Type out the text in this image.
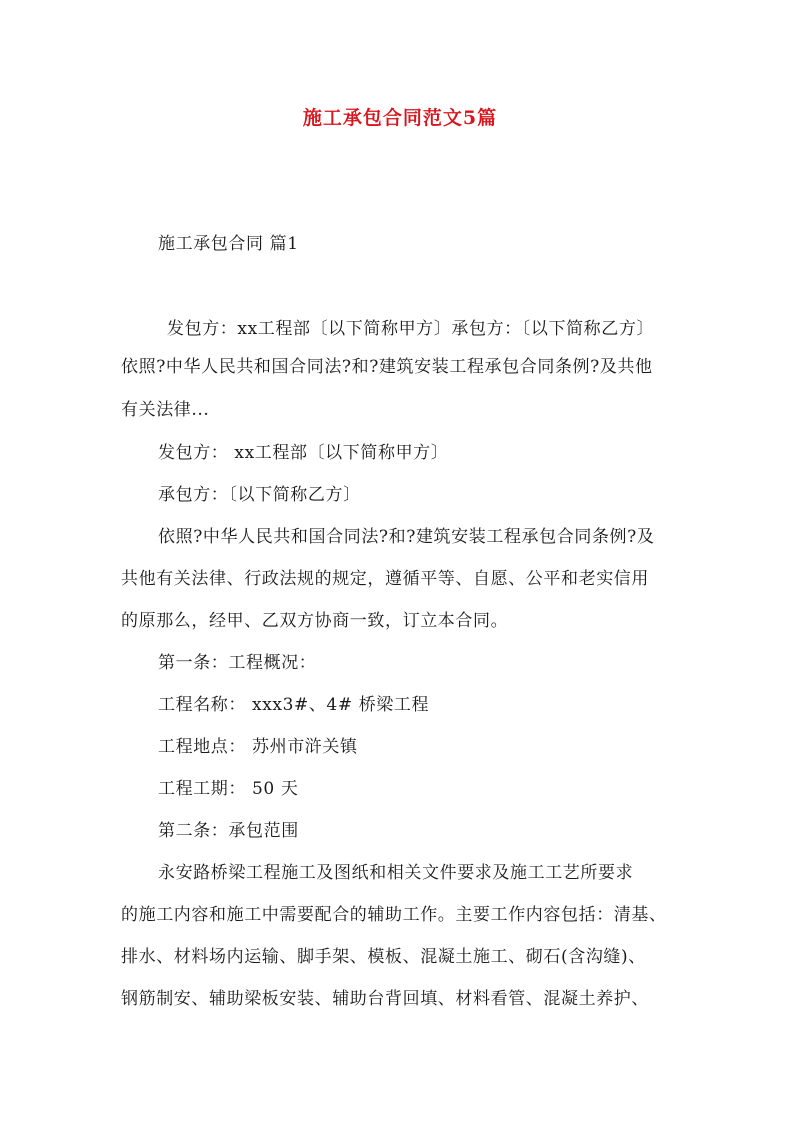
施工承包合同范文5篇
施工承包合同 篇1
发包方：xx工程部〔以下简称甲方〕承包方：〔以下简称乙方〕
依照?中华人民共和国合同法?和?建筑安装工程承包合同条例?及共他
有关法律...
发包方： xx工程部〔以下简称甲方〕
承包方：〔以下简称乙方〕
依照?中华人民共和国合同法?和?建筑安装工程承包合同条例?及
共他有关法律、行政法规的规定，遵循平等、自愿、公平和老实信用
的原那么，经甲、乙双方协商一致，订立本合同。
第一条：工程概况：
工程名称： xxx3#、4# 桥梁工程
工程地点： 苏州市浒关镇
工程工期： 50 天
第二条：承包范围
永安路桥梁工程施工及图纸和相关文件要求及施工工艺所要求
的施工内容和施工中需要配合的辅助工作。主要工作内容包括：清基、
排水、材料场内运输、脚手架、模板、混凝土施工、砌石(含沟缝)、
钢筋制安、辅助梁板安装、辅助台背回填、材料看管、混凝土养护、
